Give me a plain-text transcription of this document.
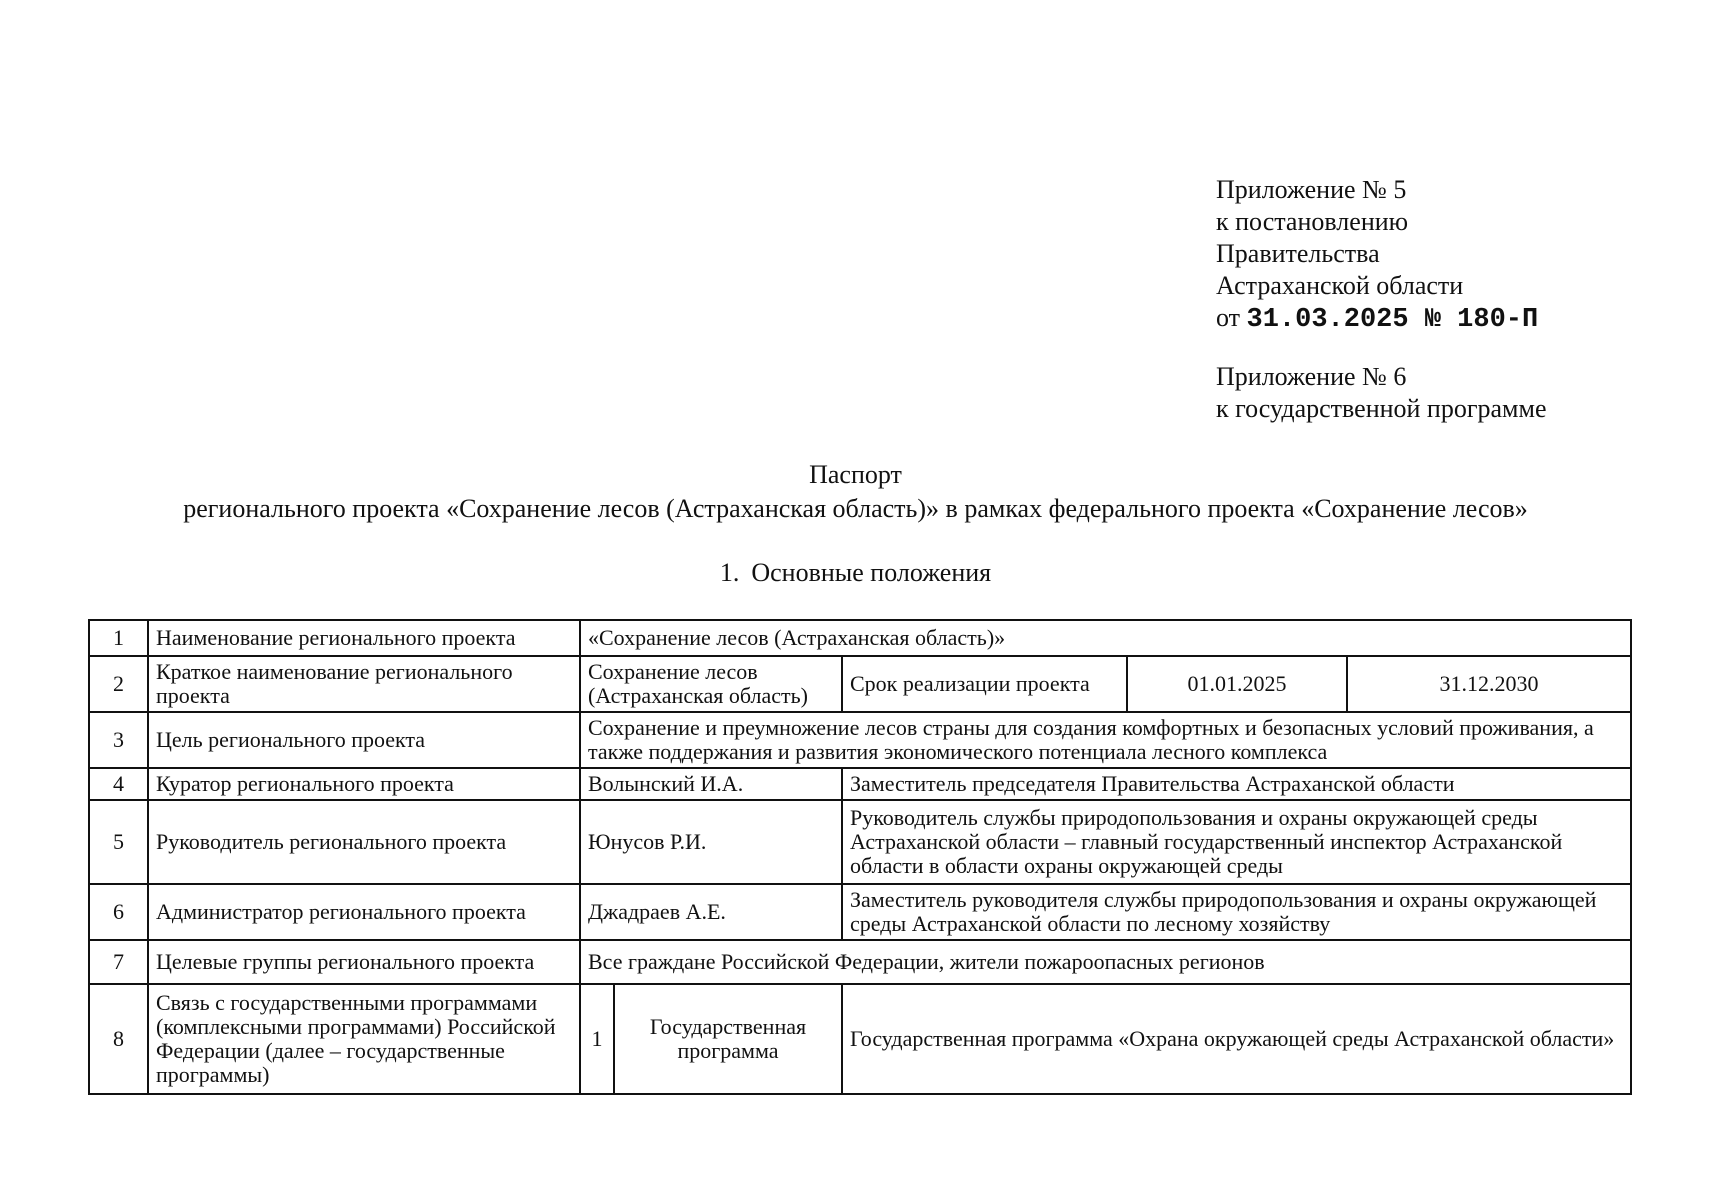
Приложение № 5
к постановлению
Правительства
Астраханской области
от 31.03.2025 № 180-П
Приложение № 6
к государственной программе
Паспорт
регионального проекта «Сохранение лесов (Астраханская область)» в рамках федерального проекта «Сохранение лесов»
1. Основные положения
1	Наименование регионального проекта	«Сохранение лесов (Астраханская область)»				
2	Краткое наименование регионального проекта	Сохранение лесов (Астраханская область)		Срок реализации проекта	01.01.2025	31.12.2030
3	Цель регионального проекта	Сохранение и преумножение лесов страны для создания комфортных и безопасных условий проживания, а также поддержания и развития экономического потенциала лесного комплекса				
4	Куратор регионального проекта	Волынский И.А.		Заместитель председателя Правительства Астраханской области		
5	Руководитель регионального проекта	Юнусов Р.И.		Руководитель службы природопользования и охраны окружающей среды Астраханской области – главный государственный инспектор Астраханской области в области охраны окружающей среды		
6	Администратор регионального проекта	Джадраев А.Е.		Заместитель руководителя службы природопользования и охраны окружающей среды Астраханской области по лесному хозяйству		
7	Целевые группы регионального проекта	Все граждане Российской Федерации, жители пожароопасных регионов				
8	Связь с государственными программами (комплексными программами) Российской Федерации (далее – государственные программы)	1	Государственная программа	Государственная программа «Охрана окружающей среды Астраханской области»		
